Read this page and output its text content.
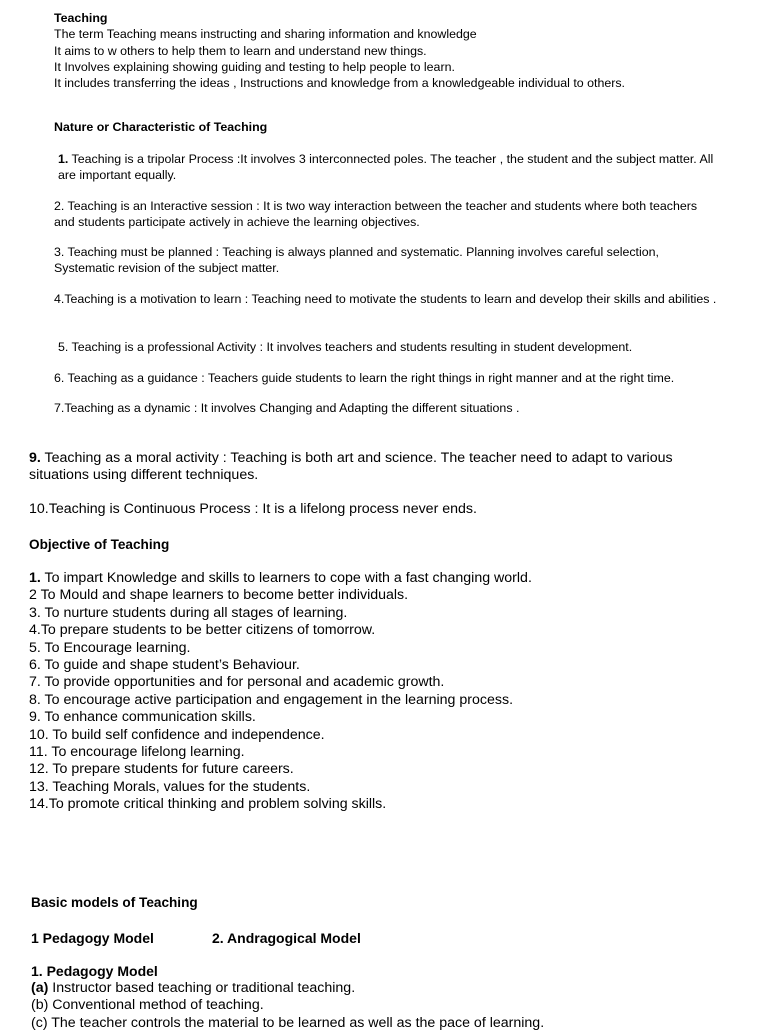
Teaching
The term Teaching means instructing and sharing information and knowledge
It aims to w others to help them to learn and understand new things.
It Involves explaining showing guiding and testing to help people to learn.
It includes transferring the ideas , Instructions and knowledge from a knowledgeable individual to others.
Nature or Characteristic of Teaching
1. Teaching is a tripolar Process :It involves 3 interconnected poles. The teacher , the student and the subject matter. All are important equally.
2. Teaching is an Interactive session : It is two way interaction between the teacher and students where both teachers and students participate actively in achieve the learning objectives.
3. Teaching must be planned : Teaching is always planned and systematic. Planning involves careful selection, Systematic revision of the subject matter.
4.Teaching is a motivation to learn : Teaching need to motivate the students to learn and develop their skills and abilities .
5. Teaching is a professional Activity : It involves teachers and students resulting in student development.
6. Teaching as a guidance : Teachers guide students to learn the right things in right manner and at the right time.
7.Teaching as a dynamic : It involves Changing and Adapting the different situations .
9. Teaching as a moral activity : Teaching is both art and science. The teacher need to adapt to various situations using different techniques.
10.Teaching is Continuous Process : It is a lifelong process never ends.
Objective of Teaching
1. To impart Knowledge and skills to learners to cope with a fast changing world.
2 To Mould and shape learners to become better individuals.
3. To nurture students during all stages of learning.
4.To prepare students to be better citizens of tomorrow.
5. To Encourage learning.
6. To guide and shape student’s Behaviour.
7. To provide opportunities and for personal and academic growth.
8. To encourage active participation and engagement in the learning process.
9. To enhance communication skills.
10. To build self confidence and independence.
11. To encourage lifelong learning.
12. To prepare students for future careers.
13. Teaching Morals, values for the students.
14.To promote critical thinking and problem solving skills.
Basic models of Teaching
1 Pedagogy Model	2. Andragogical Model
1. Pedagogy Model
(a) Instructor based teaching or traditional teaching.
(b) Conventional method of teaching.
(c) The teacher controls the material to be learned as well as the pace of learning.
